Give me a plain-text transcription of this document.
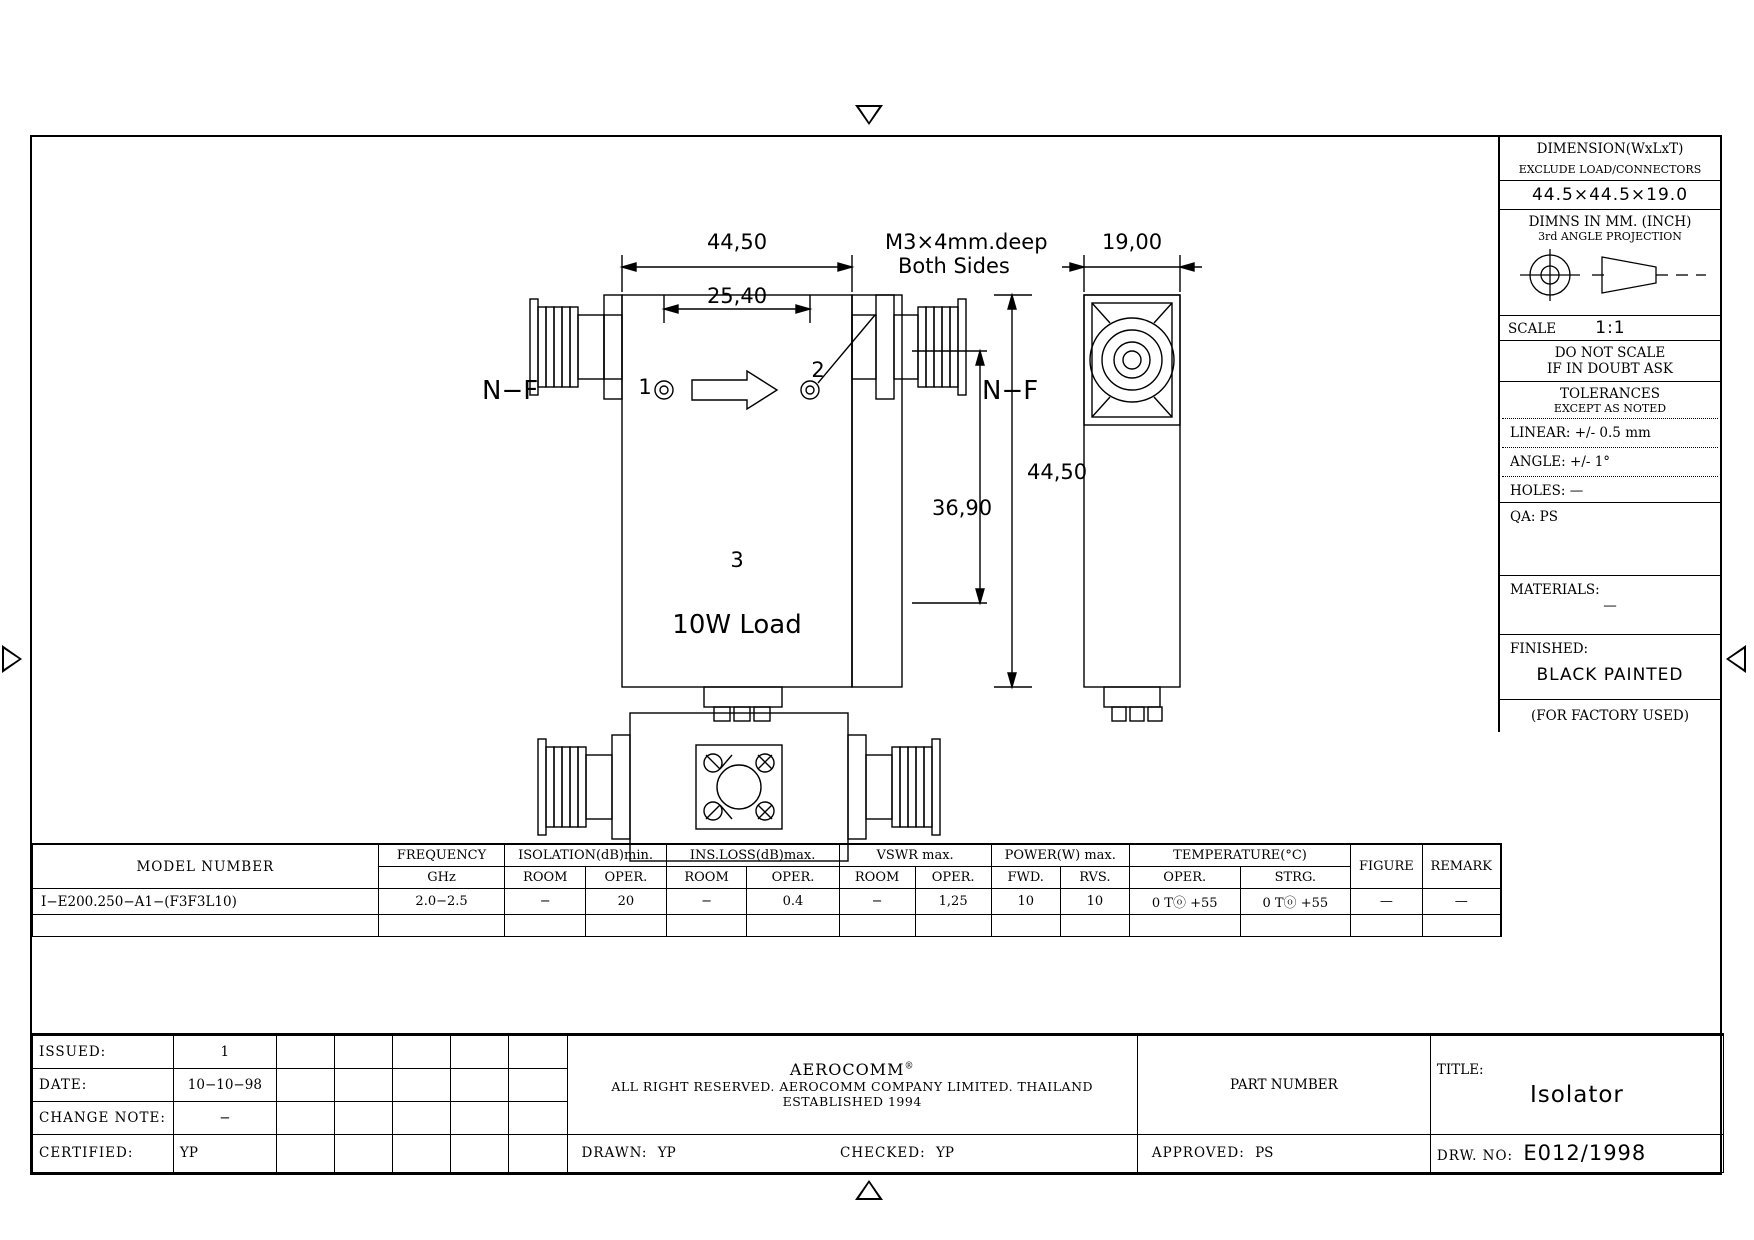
44,50
25,40
M3×4mm.deep
Both Sides
19,00
44,50
36,90
1
2
3
N−F	N−F
10W Load
DIMENSION(WxLxT)
EXCLUDE LOAD/CONNECTORS
44.5×44.5×19.0
DIMNS IN MM. (INCH)
3rd ANGLE PROJECTION
SCALE 1:1
DO NOT SCALE
IF IN DOUBT ASK
TOLERANCES
EXCEPT AS NOTED
LINEAR: +/- 0.5 mm
ANGLE: +/- 1°
HOLES: —
QA: PS
MATERIALS:
—
FINISHED:
BLACK PAINTED
(FOR FACTORY USED)
MODEL NUMBER	FREQUENCY	ISOLATION(dB)min.		INS.LOSS(dB)max.		VSWR max.		POWER(W) max.		TEMPERATURE(°C)		FIGURE	REMARK
	GHz	ROOM	OPER.	ROOM	OPER.	ROOM	OPER.	FWD.	RVS.	OPER.	STRG.		
I−E200.250−A1−(F3F3L10)	2.0−2.5	−	20	−	0.4	−	1,25	10	10	0 Tⓞ +55	0 Tⓞ +55	—	—

ISSUED:	1						
AEROCOMM®
ALL RIGHT RESERVED. AEROCOMM COMPANY LIMITED. THAILAND
ESTABLISHED 1994

PART NUMBER

TITLE:
Isolator

DATE:	10−10−98								
CHANGE NOTE:	−								
CERTIFIED:	YP						DRAWN: YP CHECKED: YP	APPROVED: PS	DRW. NO: E012/1998
